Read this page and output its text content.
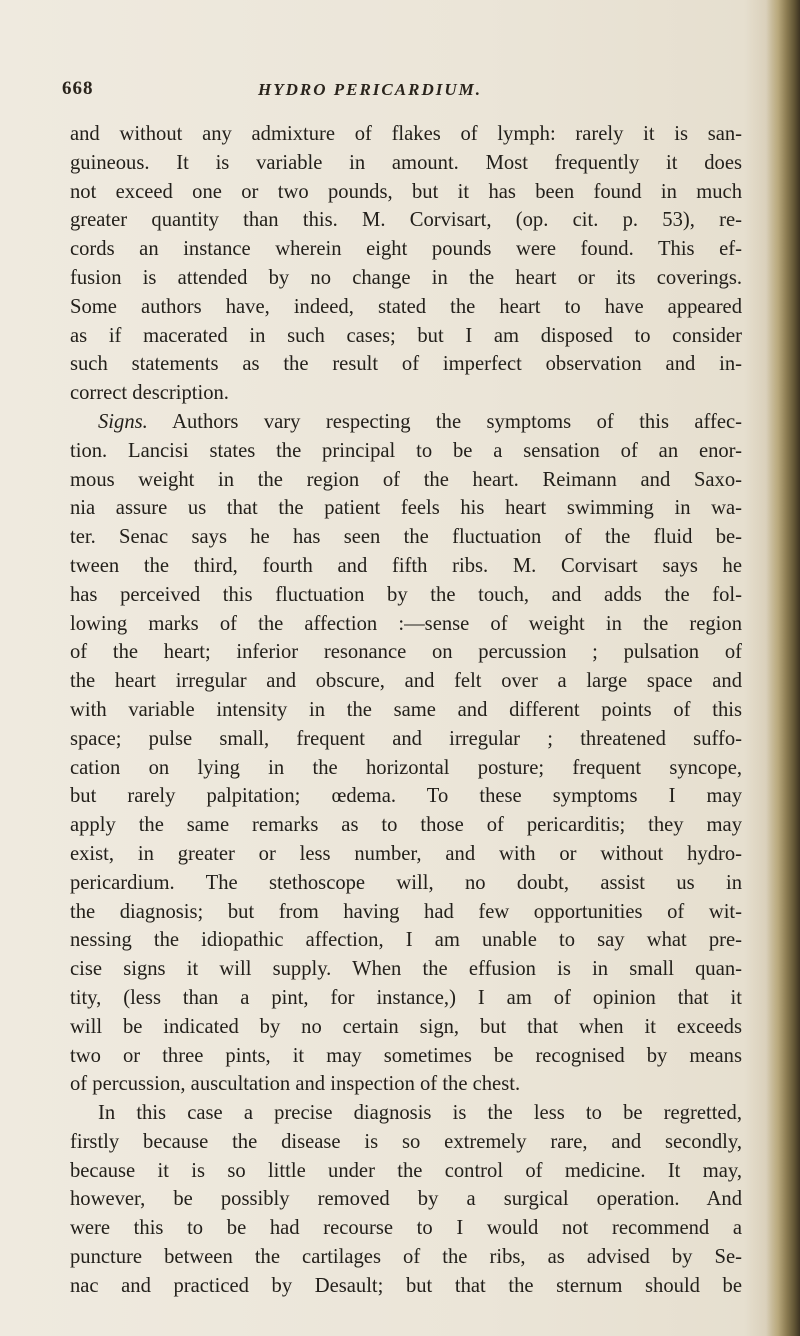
668	HYDRO PERICARDIUM.
and without any admixture of flakes of lymph: rarely it is san-
guineous. It is variable in amount. Most frequently it does
not exceed one or two pounds, but it has been found in much
greater quantity than this. M. Corvisart, (op. cit. p. 53), re-
cords an instance wherein eight pounds were found. This ef-
fusion is attended by no change in the heart or its coverings.
Some authors have, indeed, stated the heart to have appeared
as if macerated in such cases; but I am disposed to consider
such statements as the result of imperfect observation and in-
correct description.
Signs. Authors vary respecting the symptoms of this affec-
tion. Lancisi states the principal to be a sensation of an enor-
mous weight in the region of the heart. Reimann and Saxo-
nia assure us that the patient feels his heart swimming in wa-
ter. Senac says he has seen the fluctuation of the fluid be-
tween the third, fourth and fifth ribs. M. Corvisart says he
has perceived this fluctuation by the touch, and adds the fol-
lowing marks of the affection :—sense of weight in the region
of the heart; inferior resonance on percussion ; pulsation of
the heart irregular and obscure, and felt over a large space and
with variable intensity in the same and different points of this
space; pulse small, frequent and irregular ; threatened suffo-
cation on lying in the horizontal posture; frequent syncope,
but rarely palpitation; œdema. To these symptoms I may
apply the same remarks as to those of pericarditis; they may
exist, in greater or less number, and with or without hydro-
pericardium. The stethoscope will, no doubt, assist us in
the diagnosis; but from having had few opportunities of wit-
nessing the idiopathic affection, I am unable to say what pre-
cise signs it will supply. When the effusion is in small quan-
tity, (less than a pint, for instance,) I am of opinion that it
will be indicated by no certain sign, but that when it exceeds
two or three pints, it may sometimes be recognised by means
of percussion, auscultation and inspection of the chest.
In this case a precise diagnosis is the less to be regretted,
firstly because the disease is so extremely rare, and secondly,
because it is so little under the control of medicine. It may,
however, be possibly removed by a surgical operation. And
were this to be had recourse to I would not recommend a
puncture between the cartilages of the ribs, as advised by Se-
nac and practiced by Desault; but that the sternum should be
